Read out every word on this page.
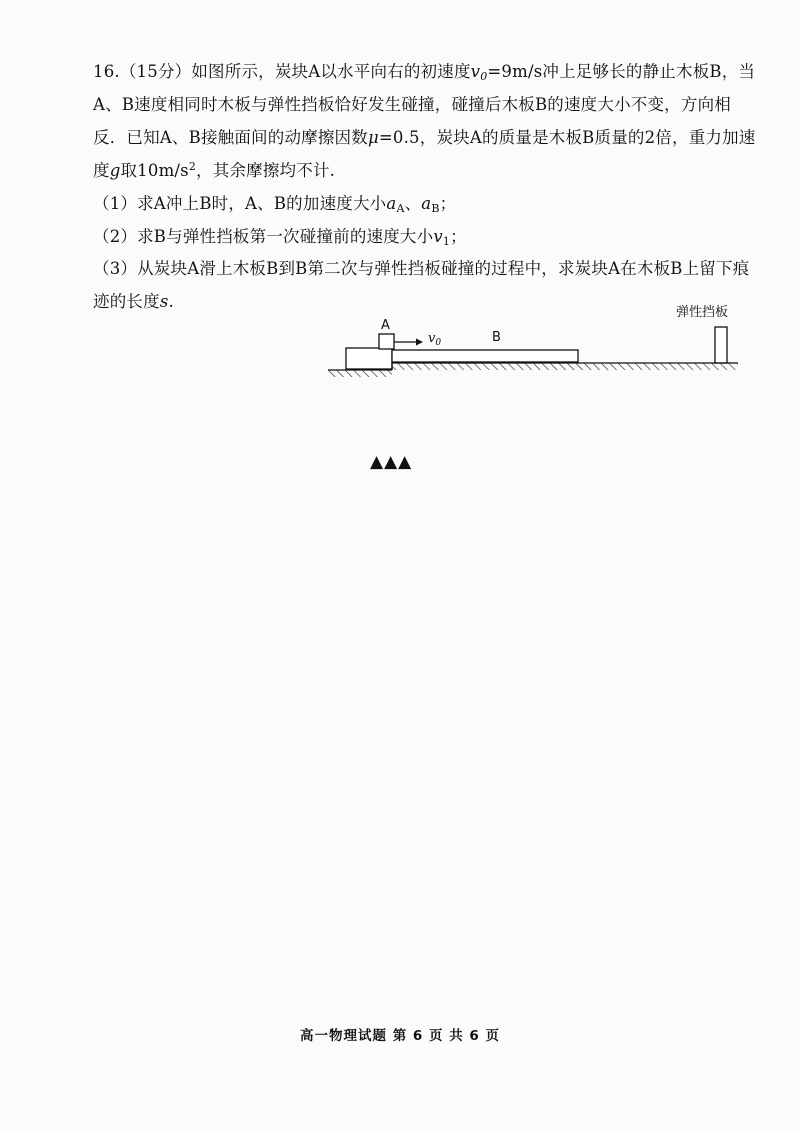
16.（15分）如图所示，炭块A以水平向右的初速度$v_0=9m/s$冲上足够长的静止木板B，当A、B速度相同时木板与弹性挡板恰好发生碰撞，碰撞后木板B的速度大小不变，方向相反．已知A、B接触面间的动摩擦因数μ=0.5，炭块A的质量是木板B质量的2倍，重力加速度g取$10m/s^2$，其余摩擦均不计.

（1）求A冲上B时，A、B的加速度大小$a_A$、$a_B$；
（2）求B与弹性挡板第一次碰撞前的速度大小$v_1$；

（3）从炭块A滑上木板B到B第二次与弹性挡板碰撞的过程中，求炭块A在木板B上留下痕迹的长度s.

弹性挡板
A
$v_0$	B
▲▲▲
高一物理试题 第 6 页 共 6 页
